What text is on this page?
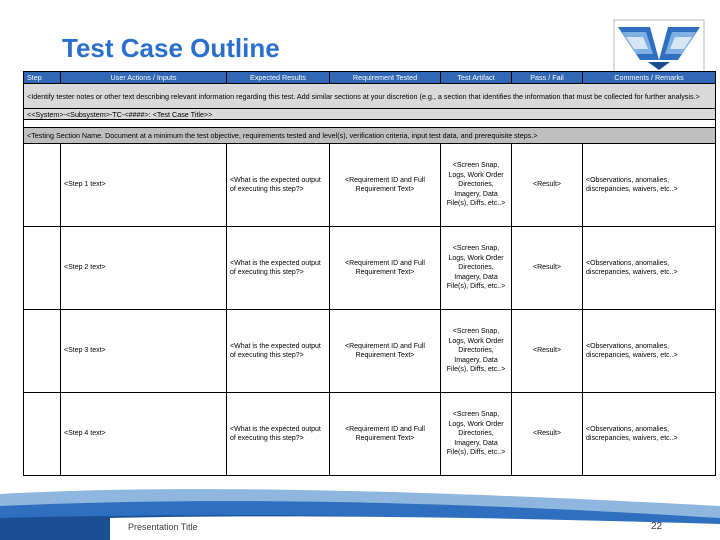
Test Case Outline
Step	User Actions / Inputs	Expected Results	Requirement Tested	Test Artifact	Pass / Fail	Comments / Remarks
<Identify tester notes or other text describing relevant information regarding this test. Add similar sections at your discretion (e.g., a section that identifies the information that must be collected for further analysis.>						
<<System>-<Subsystem>-TC-<####>: <Test Case Title>>						

<Testing Section Name. Document at a minimum the test objective, requirements tested and level(s), verification criteria, input test data, and prerequisite steps.>						
	<Step 1 text>	<What is the expected output of executing this step?>	<Requirement ID and Full Requirement Text>	<Screen Snap, Logs, Work Order Directories, Imagery, Data File(s), Diffs, etc..>	<Result>	<Observations, anomalies, discrepancies, waivers, etc..>
	<Step 2 text>	<What is the expected output of executing this step?>	<Requirement ID and Full Requirement Text>	<Screen Snap, Logs, Work Order Directories, Imagery, Data File(s), Diffs, etc..>	<Result>	<Observations, anomalies, discrepancies, waivers, etc..>
	<Step 3 text>	<What is the expected output of executing this step?>	<Requirement ID and Full Requirement Text>	<Screen Snap, Logs, Work Order Directories, Imagery, Data File(s), Diffs, etc..>	<Result>	<Observations, anomalies, discrepancies, waivers, etc..>
	<Step 4 text>	<What is the expected output of executing this step?>	<Requirement ID and Full Requirement Text>	<Screen Snap, Logs, Work Order Directories, Imagery, Data File(s), Diffs, etc..>	<Result>	<Observations, anomalies, discrepancies, waivers, etc..>
Presentation Title	22
